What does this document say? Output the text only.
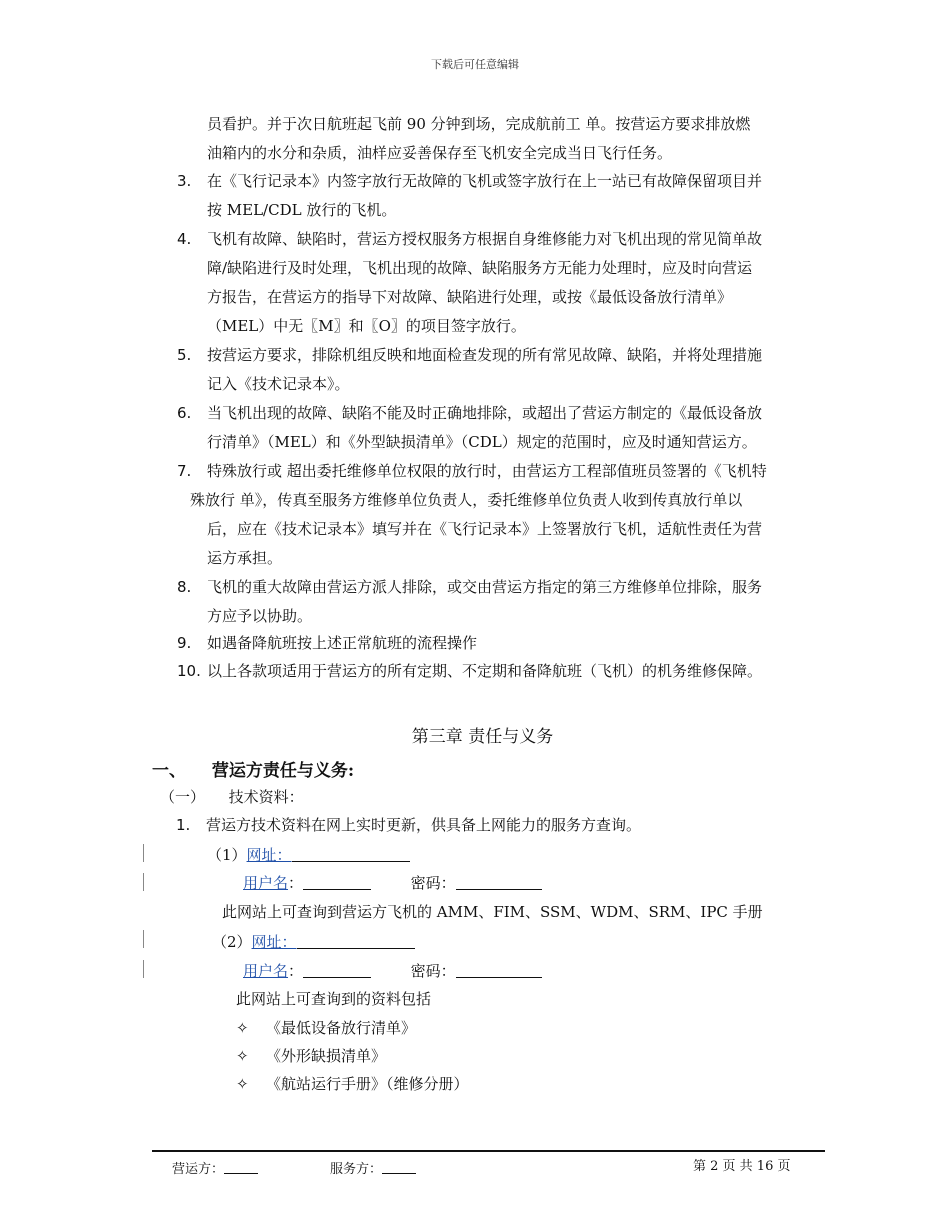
下载后可任意编辑
员看护。并于次日航班起飞前 90 分钟到场，完成航前工 单。按营运方要求排放燃
油箱内的水分和杂质，油样应妥善保存至飞机安全完成当日飞行任务。
3. 在《飞行记录本》内签字放行无故障的飞机或签字放行在上一站已有故障保留项目并
按 MEL/CDL 放行的飞机。
4. 飞机有故障、缺陷时，营运方授权服务方根据自身维修能力对飞机出现的常见简单故
障/缺陷进行及时处理，飞机出现的故障、缺陷服务方无能力处理时，应及时向营运
方报告，在营运方的指导下对故障、缺陷进行处理，或按《最低设备放行清单》
（MEL）中无〖M〗和〖O〗的项目签字放行。
5. 按营运方要求，排除机组反映和地面检查发现的所有常见故障、缺陷，并将处理措施
记入《技术记录本》。
6. 当飞机出现的故障、缺陷不能及时正确地排除，或超出了营运方制定的《最低设备放
行清单》（MEL）和《外型缺损清单》（CDL）规定的范围时，应及时通知营运方。
7. 特殊放行或 超出委托维修单位权限的放行时，由营运方工程部值班员签署的《飞机特
殊放行 单》，传真至服务方维修单位负责人，委托维修单位负责人收到传真放行单以
后，应在《技术记录本》填写并在《飞行记录本》上签署放行飞机，适航性责任为营
运方承担。
8. 飞机的重大故障由营运方派人排除，或交由营运方指定的第三方维修单位排除，服务
方应予以协助。
9. 如遇备降航班按上述正常航班的流程操作
10. 以上各款项适用于营运方的所有定期、不定期和备降航班（飞机）的机务维修保障。
第三章 责任与义务
一、 营运方责任与义务:
（一） 技术资料：
1. 营运方技术资料在网上实时更新，供具备上网能力的服务方查询。
（1）网址：
用户名：	密码：
此网站上可查询到营运方飞机的 AMM、FIM、SSM、WDM、SRM、IPC 手册
（2）网址：
用户名：	密码：
此网站上可查询到的资料包括
✧ 《最低设备放行清单》
✧ 《外形缺损清单》
✧ 《航站运行手册》（维修分册）
营运方：	服务方：	第 2 页 共 16 页
